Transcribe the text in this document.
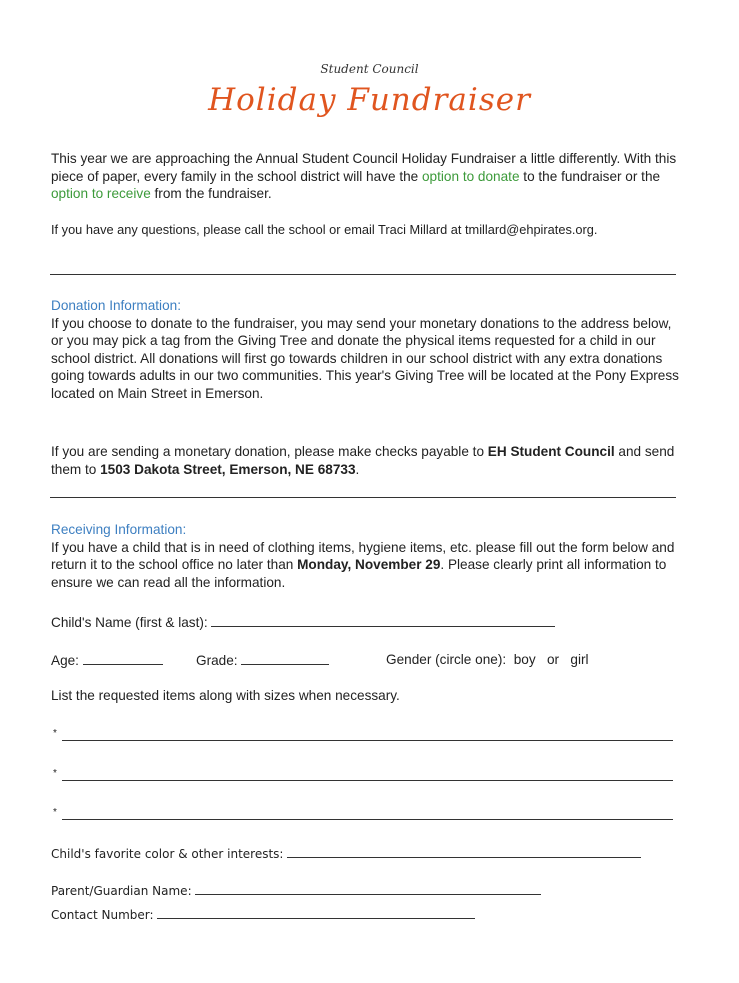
Student Council
Holiday Fundraiser
This year we are approaching the Annual Student Council Holiday Fundraiser a little differently. With this piece of paper, every family in the school district will have the option to donate to the fundraiser or the option to receive from the fundraiser.
If you have any questions, please call the school or email Traci Millard at tmillard@ehpirates.org.
Donation Information:
If you choose to donate to the fundraiser, you may send your monetary donations to the address below, or you may pick a tag from the Giving Tree and donate the physical items requested for a child in our school district. All donations will first go towards children in our school district with any extra donations going towards adults in our two communities. This year's Giving Tree will be located at the Pony Express located on Main Street in Emerson.
If you are sending a monetary donation, please make checks payable to EH Student Council and send them to 1503 Dakota Street, Emerson, NE 68733.
Receiving Information:
If you have a child that is in need of clothing items, hygiene items, etc. please fill out the form below and return it to the school office no later than Monday, November 29. Please clearly print all information to ensure we can read all the information.
Child's Name (first & last):
Age:	Grade:	Gender (circle one): boy or girl
List the requested items along with sizes when necessary.
*
*
*
Child's favorite color & other interests:
Parent/Guardian Name:
Contact Number:
